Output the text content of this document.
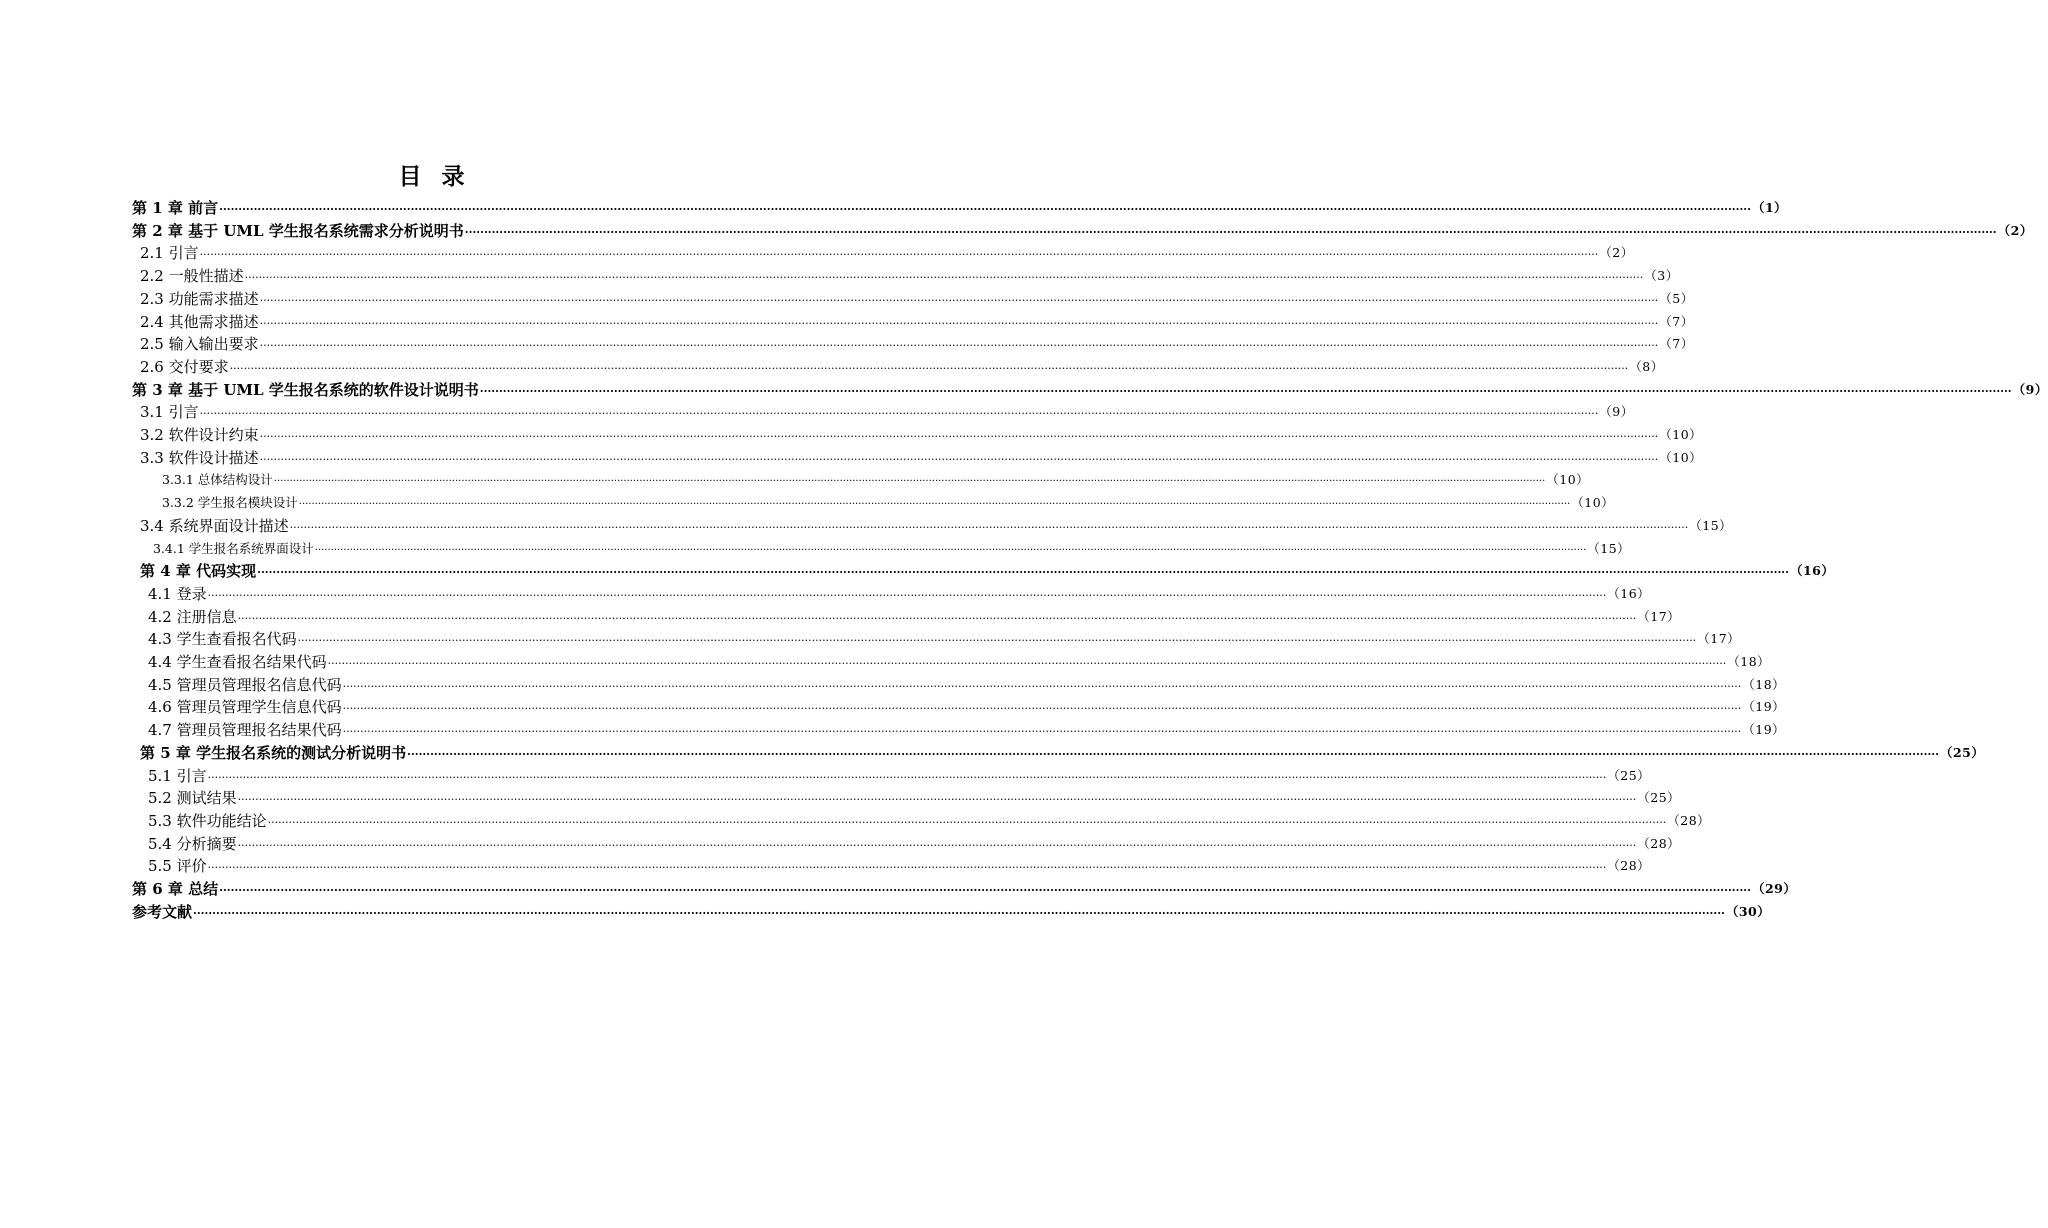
目 录
第 1 章 前言 ················································································································································································································································································································································································································ （1）
第 2 章 基于 UML 学生报名系统需求分析说明书 ················································································································································································································································································································································································································ （2）
2.1 引言 ················································································································································································································································································································································································································ （2）
2.2 一般性描述 ················································································································································································································································································································································································································ （3）
2.3 功能需求描述 ················································································································································································································································································································································································································ （5）
2.4 其他需求描述 ················································································································································································································································································································································································································ （7）
2.5 输入输出要求 ················································································································································································································································································································································································································ （7）
2.6 交付要求 ················································································································································································································································································································································································································ （8）
第 3 章 基于 UML 学生报名系统的软件设计说明书 ················································································································································································································································································································································································································ （9）
3.1 引言 ················································································································································································································································································································································································································ （9）
3.2 软件设计约束 ················································································································································································································································································································································································································ （10）
3.3 软件设计描述 ················································································································································································································································································································································································································ （10）
3.3.1 总体结构设计 ················································································································································································································································································································································································································ （10）
3.3.2 学生报名模块设计 ················································································································································································································································································································································································································ （10）
3.4 系统界面设计描述 ················································································································································································································································································································································································································ （15）
3.4.1 学生报名系统界面设计 ················································································································································································································································································································································································································ （15）
第 4 章 代码实现 ················································································································································································································································································································································································································ （16）
4.1 登录 ················································································································································································································································································································································································································ （16）
4.2 注册信息 ················································································································································································································································································································································································································ （17）
4.3 学生查看报名代码 ················································································································································································································································································································································································································ （17）
4.4 学生查看报名结果代码 ················································································································································································································································································································································································································ （18）
4.5 管理员管理报名信息代码 ················································································································································································································································································································································································································ （18）
4.6 管理员管理学生信息代码 ················································································································································································································································································································································································································ （19）
4.7 管理员管理报名结果代码 ················································································································································································································································································································································································································ （19）
第 5 章 学生报名系统的测试分析说明书 ················································································································································································································································································································································································································ （25）
5.1 引言 ················································································································································································································································································································································································································ （25）
5.2 测试结果 ················································································································································································································································································································································································································ （25）
5.3 软件功能结论 ················································································································································································································································································································································································································ （28）
5.4 分析摘要 ················································································································································································································································································································································································································ （28）
5.5 评价 ················································································································································································································································································································································································································ （28）
第 6 章 总结 ················································································································································································································································································································································································································ （29）
参考文献 ················································································································································································································································································································································································································ （30）
